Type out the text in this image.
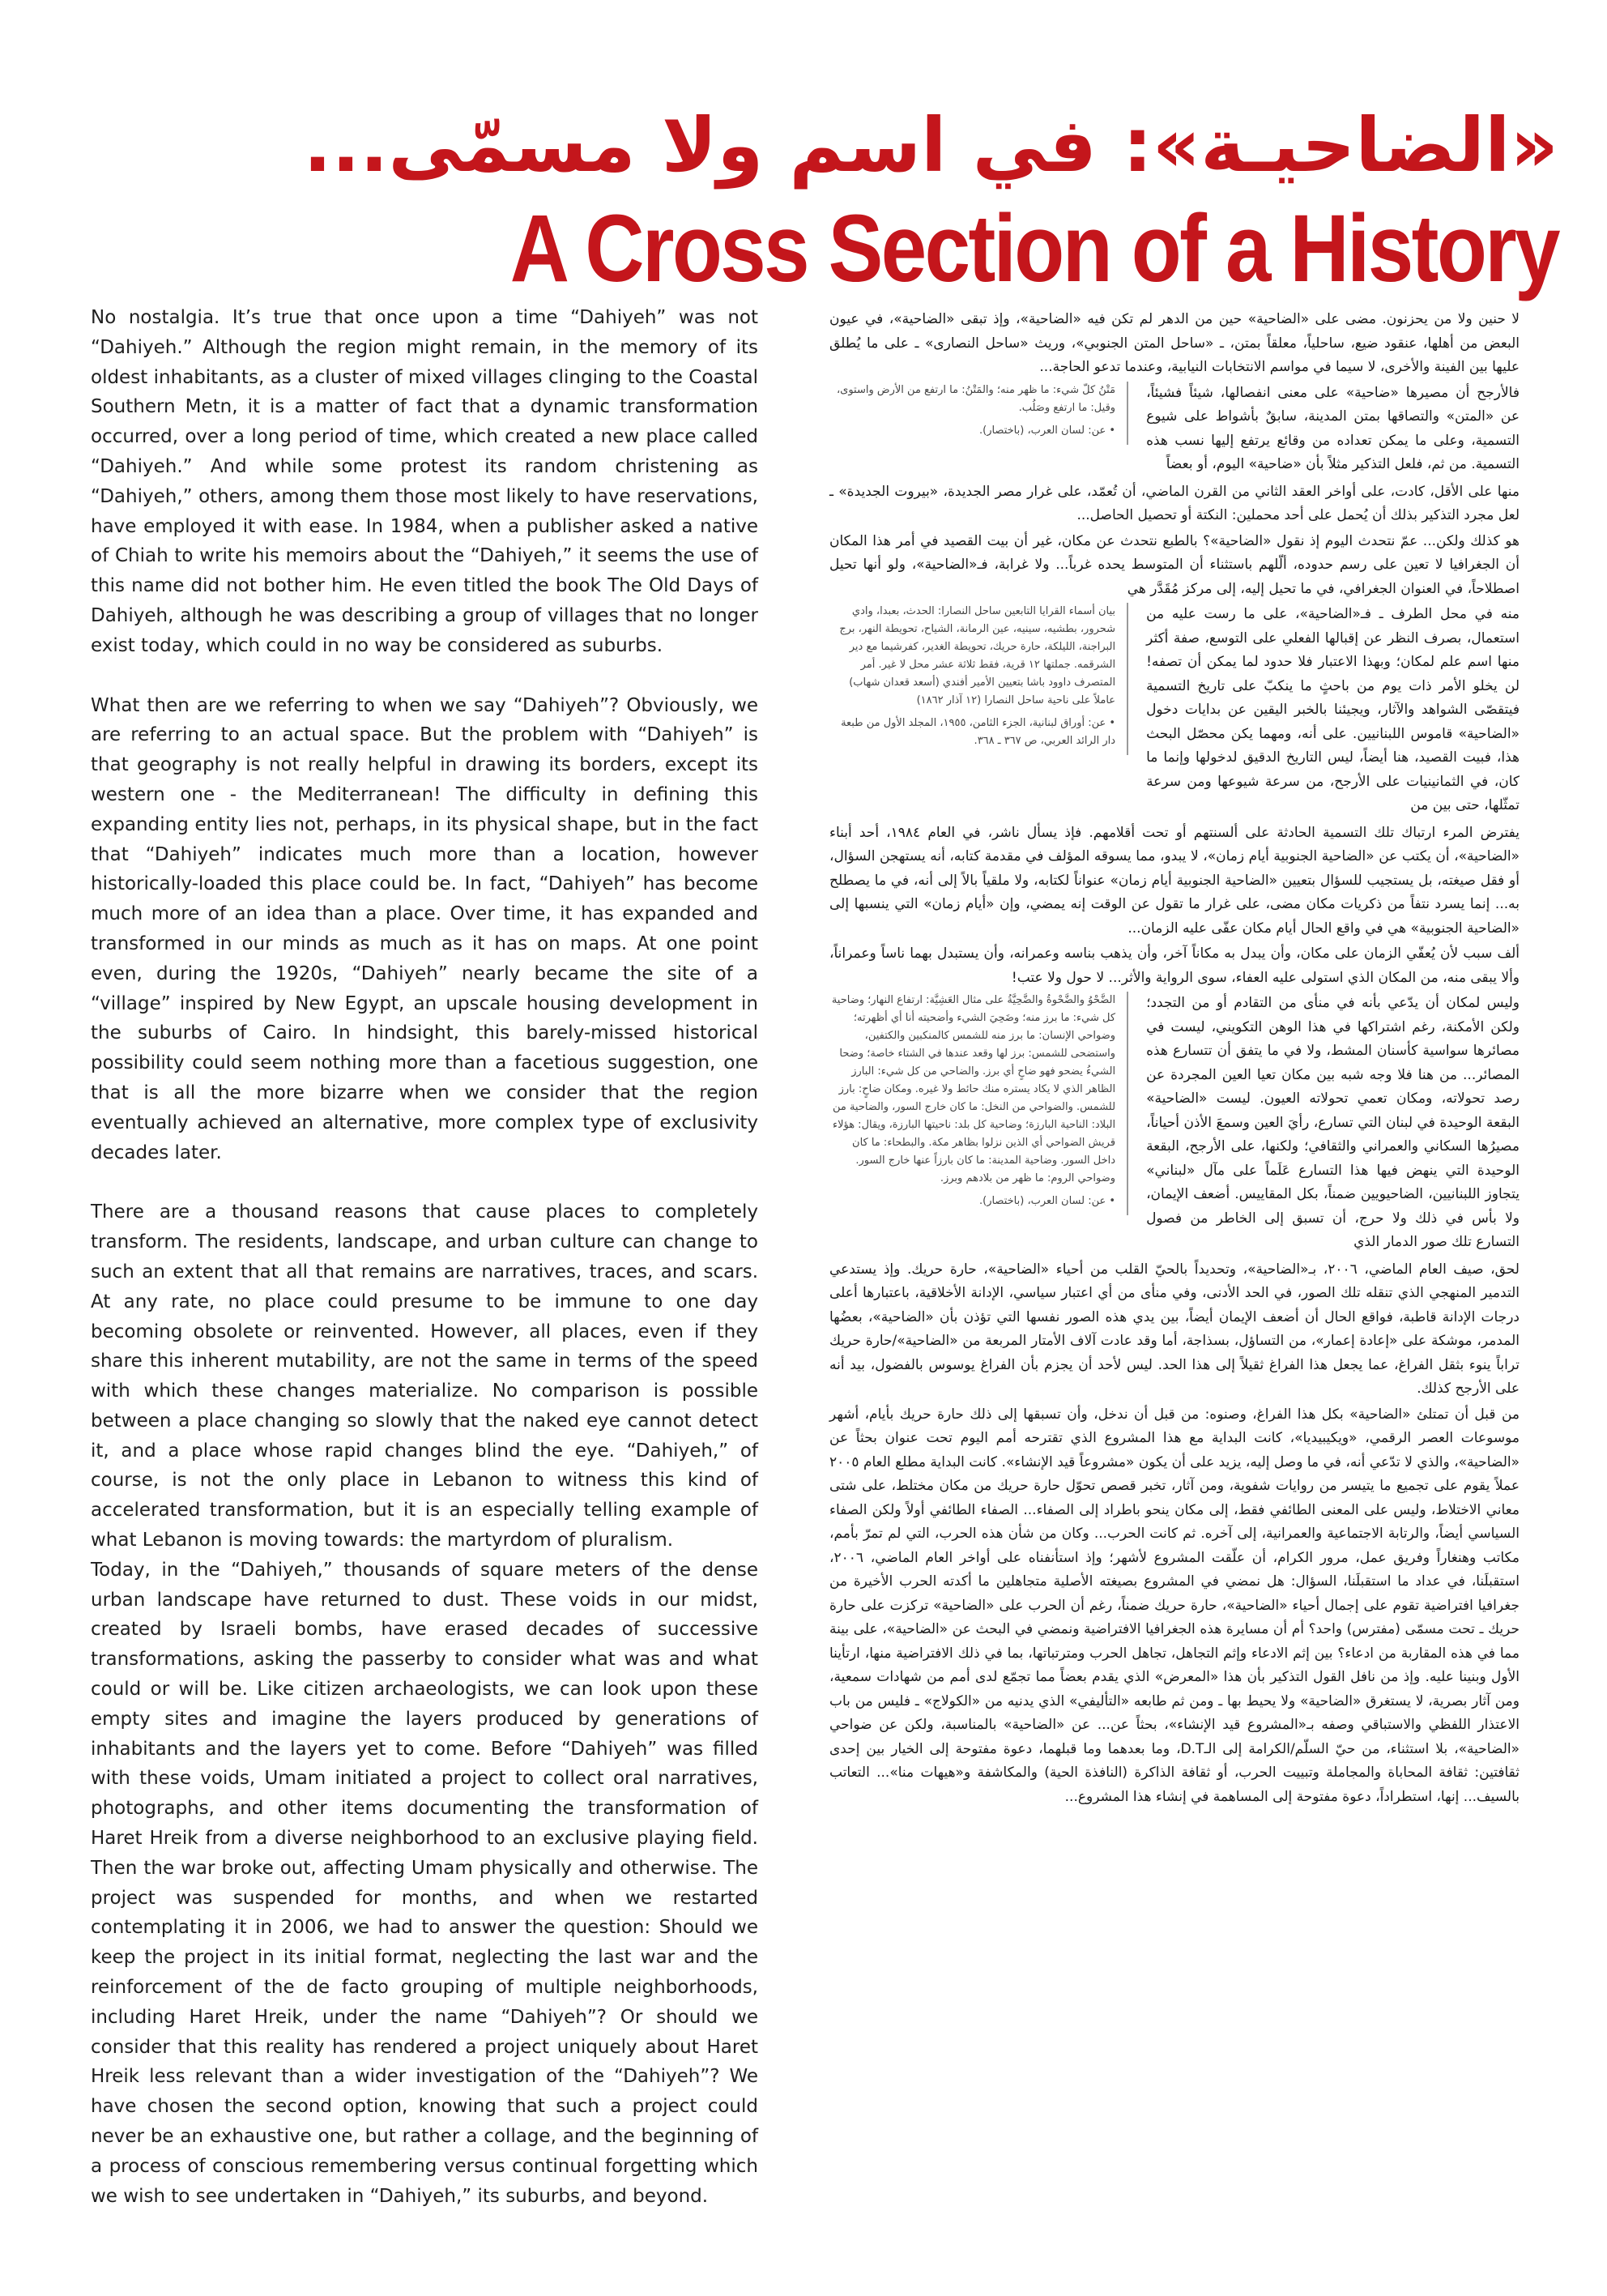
«الضاحيـة»: في اسم ولا مسمّى...
A Cross Section of a History

No nostalgia. It’s true that once upon a time “Dahiyeh” was not “Dahiyeh.” Although the region might remain, in the memory of its oldest inhabitants, as a cluster of mixed villages clinging to the Coastal Southern Metn, it is a matter of fact that a dynamic transformation occurred, over a long period of time, which created a new place called “Dahiyeh.” And while some protest its random christening as “Dahiyeh,” others, among them those most likely to have reservations, have employed it with ease. In 1984, when a publisher asked a native of Chiah to write his memoirs about the “Dahiyeh,” it seems the use of this name did not bother him. He even titled the book The Old Days of Dahiyeh, although he was describing a group of villages that no longer exist today, which could in no way be considered as suburbs.

What then are we referring to when we say “Dahiyeh”? Obviously, we are referring to an actual space. But the problem with “Dahiyeh” is that geography is not really helpful in drawing its borders, except its western one - the Mediterranean! The difficulty in defining this expanding entity lies not, perhaps, in its physical shape, but in the fact that “Dahiyeh” indicates much more than a location, however historically-loaded this place could be. In fact, “Dahiyeh” has become much more of an idea than a place. Over time, it has expanded and transformed in our minds as much as it has on maps. At one point even, during the 1920s, “Dahiyeh” nearly became the site of a “village” inspired by New Egypt, an upscale housing development in the suburbs of Cairo. In hindsight, this barely-missed historical possibility could seem nothing more than a facetious suggestion, one that is all the more bizarre when we consider that the region eventually achieved an alternative, more complex type of exclusivity decades later.

There are a thousand reasons that cause places to completely transform. The residents, landscape, and urban culture can change to such an extent that all that remains are narratives, traces, and scars. At any rate, no place could presume to be immune to one day becoming obsolete or reinvented. However, all places, even if they share this inherent mutability, are not the same in terms of the speed with which these changes materialize. No comparison is possible between a place changing so slowly that the naked eye cannot detect it, and a place whose rapid changes blind the eye. “Dahiyeh,” of course, is not the only place in Lebanon to witness this kind of accelerated transformation, but it is an especially telling example of what Lebanon is moving towards: the martyrdom of pluralism.

Today, in the “Dahiyeh,” thousands of square meters of the dense urban landscape have returned to dust. These voids in our midst, created by Israeli bombs, have erased decades of successive transformations, asking the passerby to consider what was and what could or will be. Like citizen archaeologists, we can look upon these empty sites and imagine the layers produced by generations of inhabitants and the layers yet to come. Before “Dahiyeh” was filled with these voids, Umam initiated a project to collect oral narratives, photographs, and other items documenting the transformation of Haret Hreik from a diverse neighborhood to an exclusive playing field. Then the war broke out, affecting Umam physically and otherwise. The project was suspended for months, and when we restarted contemplating it in 2006, we had to answer the question: Should we keep the project in its initial format, neglecting the last war and the reinforcement of the de facto grouping of multiple neighborhoods, including Haret Hreik, under the name “Dahiyeh”? Or should we consider that this reality has rendered a project uniquely about Haret Hreik less relevant than a wider investigation of the “Dahiyeh”? We have chosen the second option, knowing that such a project could never be an exhaustive one, but rather a collage, and the beginning of a process of conscious remembering versus continual forgetting which we wish to see undertaken in “Dahiyeh,” its suburbs, and beyond.

لا حنين ولا من يحزنون. مضى على «الضاحية» حين من الدهر لم تكن فيه «الضاحية»، وإذ تبقى «الضاحية»، في عيون البعض من أهلها، عنقود ضيع، ساحلياً، معلقاً بمتن، ـ «ساحل المتن الجنوبي»، وريث «ساحل النصارى» ـ على ما يُطلق عليها بين الفينة والأخرى، لا سيما في مواسم الانتخابات النيابية، وعندما تدعو الحاجة...

فالأرجح أن مصيرها «ضاحية» على معنى انفصالها، شيئاً فشيئاً، عن «المتن» والتصاقها بمتن المدينة، سابقٌ بأشواط على شيوع التسمية، وعلى ما يمكن تعداده من وقائع يرتفع إليها نسب هذه التسمية. من ثم، فلعل التذكير مثلاً بأن «ضاحية» اليوم، أو بعضاً

مَتْنُ كلّ شيء: ما ظهر منه؛ والمَتْنُ: ما ارتفع من الأرض واستوى، وقيل: ما ارتفع وصَلُب.

• عن: لسان العرب، (باختصار).

منها على الأقل، كادت، على أواخر العقد الثاني من القرن الماضي، أن تُعمّد، على غرار مصر الجديدة، «بيروت الجديدة» ـ لعل مجرد التذكير بذلك أن يُحمل على أحد محملين: النكتة أو تحصيل الحاصل...

هو كذلك ولكن... عمّ نتحدث اليوم إذ نقول «الضاحية»؟ بالطبع نتحدث عن مكان، غير أن بيت القصيد في أمر هذا المكان أن الجغرافيا لا تعين على رسم حدوده، ألّلهم باستثناء أن المتوسط يحده غرباً... ولا غرابة، فـ«الضاحية»، ولو أنها تحيل اصطلاحاً، في العنوان الجغرافي، في ما تحيل إليه، إلى مركز مُقَدَّر هي

منه في محل الطرف ـ فـ«الضاحية»، على ما رست عليه من استعمال، بصرف النظر عن إقبالها الفعلي على التوسع، صفة أكثر منها اسم علم لمكان؛ وبهذا الاعتبار فلا حدود لما يمكن أن تصفه! لن يخلو الأمر ذات يوم من باحثٍ ما ينكبّ على تاريخ التسمية فيتقصّى الشواهد والآثار، ويجيئنا بالخبر اليقين عن بدايات دخول «الضاحية» قاموس اللبنانيين. على أنه، ومهما يكن محصّل البحث هذا، فبيت القصيد، هنا أيضاً، ليس التاريخ الدقيق لدخولها وإنما ما كان، في الثمانينيات على الأرجح، من سرعة شيوعها ومن سرعة تمثّلها، حتى بين من

بيان أسماء القرايا التابعين ساحل النصارا: الحدث، بعبدا، وادي شحرور، بطشيه، سينيه، عين الرمانة، الشياح، تحويطة النهر، برج البراجنة، الليلكة، حارة حريك، تحويطة الغدير، كفرشيما مع دير الشرقمه. جملتها ١٢ قرية، فقط ثلاثة عشر محل لا غير. أمر المتصرف داوود باشا بتعيين الأمير أفندي (أسعد قعدان شهاب) عاملاً على ناحية ساحل النصارا (١٢ آذار ١٨٦٢)

• عن: أوراق لبنانية، الجزء الثامن، ١٩٥٥، المجلد الأول من طبعة دار الرائد العربي، ص ٣٦٧ ـ ٣٦٨.

يفترض المرء ارتباك تلك التسمية الحادثة على ألسنتهم أو تحت أقلامهم. فإذ يسأل ناشر، في العام ١٩٨٤، أحد أبناء «الضاحية»، أن يكتب عن «الضاحية الجنوبية أيام زمان»، لا يبدو، مما يسوقه المؤلف في مقدمة كتابه، أنه يستهجن السؤال، أو فقل صيغته، بل يستجيب للسؤال بتعيين «الضاحية الجنوبية أيام زمان» عنواناً لكتابه، ولا ملقياً بالاً إلى أنه، في ما يصطلح به... إنما يسرد نتفاً من ذكريات مكان مضى، على غرار ما تقول عن الوقت إنه يمضي، وإن «أيام زمان» التي ينسبها إلى «الضاحية الجنوبية» هي في واقع الحال أيام مكان عفّى عليه الزمان...

ألف سبب لأن يُعفّي الزمان على مكان، وأن يبدل به مكاناً آخر، وأن يذهب بناسه وعمرانه، وأن يستبدل بهما ناساً وعمراناً، وألا يبقى منه، من المكان الذي استولى عليه العفاء، سوى الرواية والأثر... لا حول ولا عتب!

وليس لمكان أن يدّعي بأنه في منأى من التقادم أو من التجدد؛ ولكن الأمكنة، رغم اشتراكها في هذا الوهن التكويني، ليست في مصائرها سواسية كأسنان المشط، ولا في ما يتفق أن تتسارع هذه المصائر... من هنا فلا وجه شبه بين مكان تعيا العين المجردة عن رصد تحولاته، ومكان تعمي تحولاته العيون. ليست «الضاحية» البقعة الوحيدة في لبنان التي تسارع، رأيَ العين وسمعَ الأذن أحياناً، مصيرُها السكاني والعمراني والثقافي؛ ولكنها، على الأرجح، البقعة الوحيدة التي ينهض فيها هذا التسارع عَلَماً على مآل «لبناني» يتجاوز اللبنانيين، الضاحيويين ضمناً، بكل المقاييس. أضعف الإيمان، ولا بأس في ذلك ولا حرج، أن تسبق إلى الخاطر من فصول التسارع تلك صور الدمار الذي

الضَّحْوُ والضَّحْوةُ والضَّحِيَّةُ على مثال العَشِيَّة: ارتفاع النهار؛ وضاحية كل شيء: ما برز منه؛ وضَحِيَ الشيء وأضحيته أنا أي أظهرته؛ وضواحي الإنسان: ما برز منه للشمس كالمنكبين والكتفين، واستضحى للشمس: برز لها وقعد عندها في الشتاء خاصة؛ وضحا الشيءُ يضحو فهو ضاحٍ أي برز. والضاحي من كل شيء: البارز الظاهر الذي لا يكاد يستره منك حائط ولا غيره. ومكان ضاحٍ: بارز للشمس. والضواحي من النخل: ما كان خارج السور، والضاحية من البلاد: الناحية البارزة؛ وضاحية كل بلد: ناحيتها البارزة، ويقال: هؤلاء قريش الضواحي أي الذين نزلوا بظاهر مكة. والبطحاء: ما كان داخل السور. وضاحية المدينة: ما كان بارزاً عنها خارج السور. وضواحي الروم: ما ظهر من بلادهم وبرز.

• عن: لسان العرب، (باختصار).

لحق، صيف العام الماضي، ٢٠٠٦، بـ«الضاحية»، وتحديداً بالحيّ القلب من أحياء «الضاحية»، حارة حريك. وإذ يستدعي التدمير المنهجي الذي تنقله تلك الصور، في الحد الأدنى، وفي منأى من أي اعتبار سياسي، الإدانة الأخلاقية، باعتبارها أعلى درجات الإدانة قاطبة، فواقع الحال أن أضعف الإيمان أيضاً، بين يدي هذه الصور نفسها التي تؤذن بأن «الضاحية»، بعضُها المدمر، موشكة على «إعادة إعمار»، من التساؤل، بسذاجة، أما وقد عادت آلاف الأمتار المربعة من «الضاحية»/حارة حريك تراباً ينوء بثقل الفراغ، عما يجعل هذا الفراغ ثقيلاً إلى هذا الحد. ليس لأحد أن يجزم بأن الفراغ يوسوس بالفضول، بيد أنه على الأرجح كذلك.

من قبل أن تمتلئ «الضاحية» بكل هذا الفراغ، وصنوه: من قبل أن ندخل، وأن تسبقها إلى ذلك حارة حريك بأيام، أشهر موسوعات العصر الرقمي، «ويكيبيديا»، كانت البداية مع هذا المشروع الذي تقترحه أمم اليوم تحت عنوان بحثاً عن «الضاحية»، والذي لا تدّعي أنه، في ما وصل إليه، يزيد على أن يكون «مشروعاً قيد الإنشاء». كانت البداية مطلع العام ٢٠٠٥ عملاً يقوم على تجميع ما يتيسر من روايات شفوية، ومن آثار، تخبر قصص تحوّل حارة حريك من مكان مختلط، على شتى معاني الاختلاط، وليس على المعنى الطائفي فقط، إلى مكان ينحو باطراد إلى الصفاء... الصفاء الطائفي أولاً ولكن الصفاء السياسي أيضاً، والرتابة الاجتماعية والعمرانية، إلى آخره. ثم كانت الحرب... وكان من شأن هذه الحرب، التي لم تمرّ بأمم، مكاتب وهنغاراً وفريق عمل، مرور الكرام، أن علّقت المشروع لأشهر؛ وإذ استأنفناه على أواخر العام الماضي، ٢٠٠٦، استقبلَنا، في عداد ما استقبلَنا، السؤال: هل نمضي في المشروع بصيغته الأصلية متجاهلين ما أكدته الحرب الأخيرة من جغرافيا افتراضية تقوم على إجمال أحياء «الضاحية»، حارة حريك ضمناً، رغم أن الحرب على «الضاحية» تركزت على حارة حريك ـ تحت مسمّى (مفترس) واحد؟ أم أن مسايرة هذه الجغرافيا الافتراضية ونمضي في البحث عن «الضاحية»، على بينة مما في هذه المقاربة من ادعاء؟ بين إثم الادعاء وإثم التجاهل، تجاهل الحرب ومترتباتها، بما في ذلك الافتراضية منها، ارتأينا الأول وبنينا عليه. وإذ من نافل القول التذكير بأن هذا «المعرض» الذي يقدم بعضاً مما تجمّع لدى أمم من شهادات سمعية، ومن آثار بصرية، لا يستغرق «الضاحية» ولا يحيط بها ـ ومن ثم طابعه «التأليفي» الذي يدنيه من «الكولاج» ـ فليس من باب الاعتذار اللفظي والاستباقي وصفه بـ«المشروع قيد الإنشاء»، بحثاً عن... عن «الضاحية» بالمناسبة، ولكن عن ضواحي «الضاحية»، بلا استثناء، من حيّ السلّم/الكرامة إلى الـD.T، وما بعدهما وما قبلهما، دعوة مفتوحة إلى الخيار بين إحدى ثقافتين: ثقافة المحاباة والمجاملة وتبييت الحرب، أو ثقافة الذاكرة (النافذة الحية) والمكاشفة و«هيهات منا»... التعاتب بالسيف... إنها، استطراداً، دعوة مفتوحة إلى المساهمة في إنشاء هذا المشروع...
